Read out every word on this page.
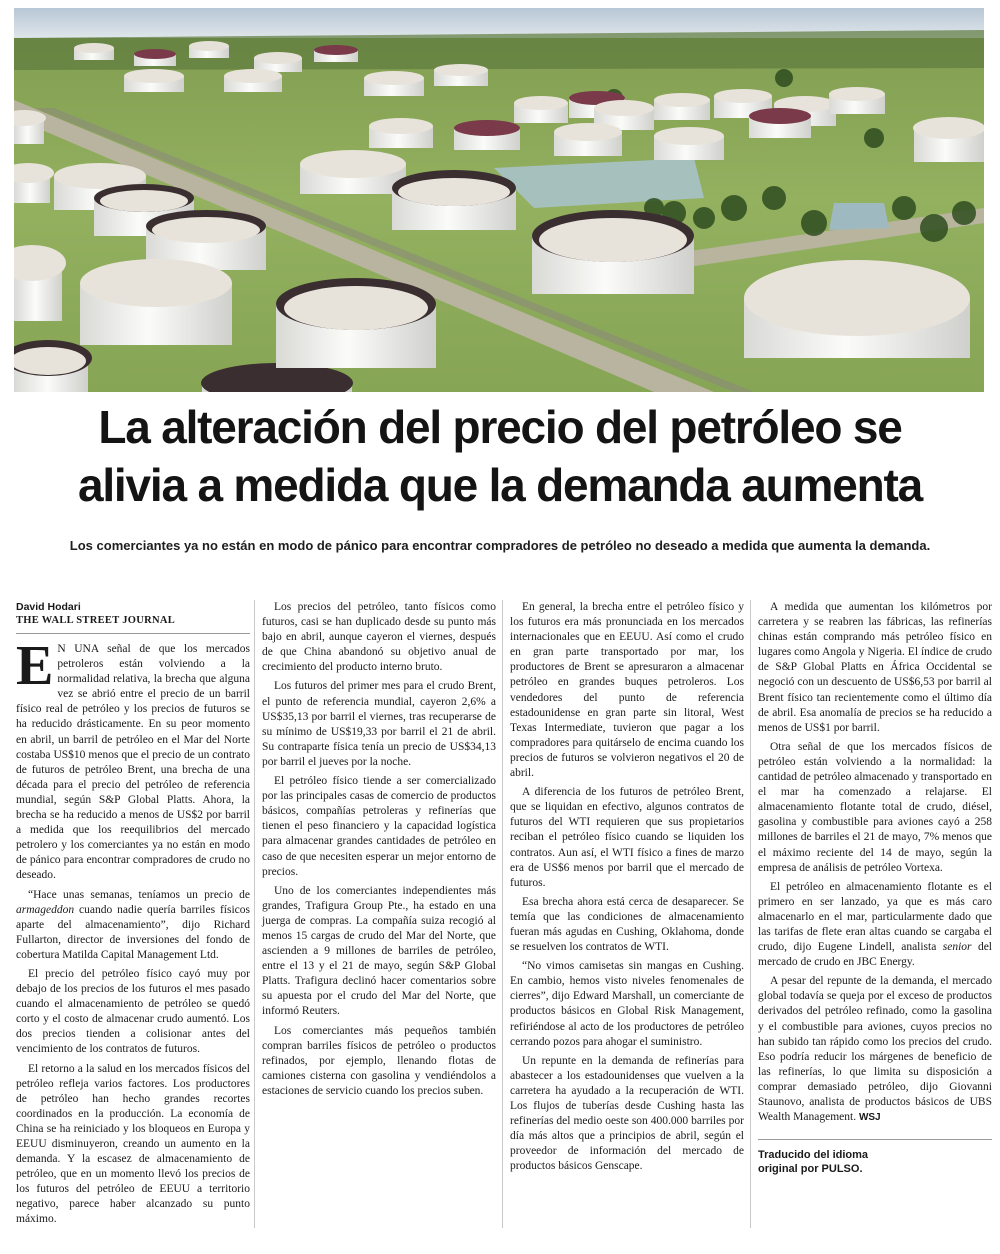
La alteración del precio del petróleo se
alivia a medida que la demanda aumenta

Los comerciantes ya no están en modo de pánico para encontrar compradores de petróleo no deseado a medida que aumenta la demanda.

David Hodari
THE WALL STREET JOURNAL

E N UNA señal de que los mercados petroleros están volviendo a la normalidad relativa, la brecha que alguna vez se abrió entre el precio de un barril físico real de petróleo y los precios de futuros se ha reducido drásticamente. En su peor momento en abril, un barril de petróleo en el Mar del Norte costaba US$10 menos que el precio de un contrato de futuros de petróleo Brent, una brecha de una década para el precio del petróleo de referencia mundial, según S&P Global Platts. Ahora, la brecha se ha reducido a menos de US$2 por barril a medida que los reequilibrios del mercado petrolero y los comerciantes ya no están en modo de pánico para encontrar compradores de crudo no deseado.

“Hace unas semanas, teníamos un precio de armageddon cuando nadie quería barriles físicos aparte del almacenamiento”, dijo Richard Fullarton, director de inversiones del fondo de cobertura Matilda Capital Management Ltd.

El precio del petróleo físico cayó muy por debajo de los precios de los futuros el mes pasado cuando el almacenamiento de petróleo se quedó corto y el costo de almacenar crudo aumentó. Los dos precios tienden a colisionar antes del vencimiento de los contratos de futuros.

El retorno a la salud en los mercados físicos del petróleo refleja varios factores. Los productores de petróleo han hecho grandes recortes coordinados en la producción. La economía de China se ha reiniciado y los bloqueos en Europa y EEUU disminuyeron, creando un aumento en la demanda. Y la escasez de almacenamiento de petróleo, que en un momento llevó los precios de los futuros del petróleo de EEUU a territorio negativo, parece haber alcanzado su punto máximo.

Los precios del petróleo, tanto físicos como futuros, casi se han duplicado desde su punto más bajo en abril, aunque cayeron el viernes, después de que China abandonó su objetivo anual de crecimiento del producto interno bruto.

Los futuros del primer mes para el crudo Brent, el punto de referencia mundial, cayeron 2,6% a US$35,13 por barril el viernes, tras recuperarse de su mínimo de US$19,33 por barril el 21 de abril. Su contraparte física tenía un precio de US$34,13 por barril el jueves por la noche.

El petróleo físico tiende a ser comercializado por las principales casas de comercio de productos básicos, compañías petroleras y refinerías que tienen el peso financiero y la capacidad logística para almacenar grandes cantidades de petróleo en caso de que necesiten esperar un mejor entorno de precios.

Uno de los comerciantes independientes más grandes, Trafigura Group Pte., ha estado en una juerga de compras. La compañía suiza recogió al menos 15 cargas de crudo del Mar del Norte, que ascienden a 9 millones de barriles de petróleo, entre el 13 y el 21 de mayo, según S&P Global Platts. Trafigura declinó hacer comentarios sobre su apuesta por el crudo del Mar del Norte, que informó Reuters.

Los comerciantes más pequeños también compran barriles físicos de petróleo o productos refinados, por ejemplo, llenando flotas de camiones cisterna con gasolina y vendiéndolos a estaciones de servicio cuando los precios suben.

En general, la brecha entre el petróleo físico y los futuros era más pronunciada en los mercados internacionales que en EEUU. Así como el crudo en gran parte transportado por mar, los productores de Brent se apresuraron a almacenar petróleo en grandes buques petroleros. Los vendedores del punto de referencia estadounidense en gran parte sin litoral, West Texas Intermediate, tuvieron que pagar a los compradores para quitárselo de encima cuando los precios de futuros se volvieron negativos el 20 de abril.

A diferencia de los futuros de petróleo Brent, que se liquidan en efectivo, algunos contratos de futuros del WTI requieren que sus propietarios reciban el petróleo físico cuando se liquiden los contratos. Aun así, el WTI físico a fines de marzo era de US$6 menos por barril que el mercado de futuros.

Esa brecha ahora está cerca de desaparecer. Se temía que las condiciones de almacenamiento fueran más agudas en Cushing, Oklahoma, donde se resuelven los contratos de WTI.

“No vimos camisetas sin mangas en Cushing. En cambio, hemos visto niveles fenomenales de cierres”, dijo Edward Marshall, un comerciante de productos básicos en Global Risk Management, refiriéndose al acto de los productores de petróleo cerrando pozos para ahogar el suministro.

Un repunte en la demanda de refinerías para abastecer a los estadounidenses que vuelven a la carretera ha ayudado a la recuperación de WTI. Los flujos de tuberías desde Cushing hasta las refinerías del medio oeste son 400.000 barriles por día más altos que a principios de abril, según el proveedor de información del mercado de productos básicos Genscape.

A medida que aumentan los kilómetros por carretera y se reabren las fábricas, las refinerías chinas están comprando más petróleo físico en lugares como Angola y Nigeria. El índice de crudo de S&P Global Platts en África Occidental se negoció con un descuento de US$6,53 por barril al Brent físico tan recientemente como el último día de abril. Esa anomalía de precios se ha reducido a menos de US$1 por barril.

Otra señal de que los mercados físicos de petróleo están volviendo a la normalidad: la cantidad de petróleo almacenado y transportado en el mar ha comenzado a relajarse. El almacenamiento flotante total de crudo, diésel, gasolina y combustible para aviones cayó a 258 millones de barriles el 21 de mayo, 7% menos que el máximo reciente del 14 de mayo, según la empresa de análisis de petróleo Vortexa.

El petróleo en almacenamiento flotante es el primero en ser lanzado, ya que es más caro almacenarlo en el mar, particularmente dado que las tarifas de flete eran altas cuando se cargaba el crudo, dijo Eugene Lindell, analista senior del mercado de crudo en JBC Energy.

A pesar del repunte de la demanda, el mercado global todavía se queja por el exceso de productos derivados del petróleo refinado, como la gasolina y el combustible para aviones, cuyos precios no han subido tan rápido como los precios del crudo. Eso podría reducir los márgenes de beneficio de las refinerías, lo que limita su disposición a comprar demasiado petróleo, dijo Giovanni Staunovo, analista de productos básicos de UBS Wealth Management. WSJ

Traducido del idioma
original por PULSO.
